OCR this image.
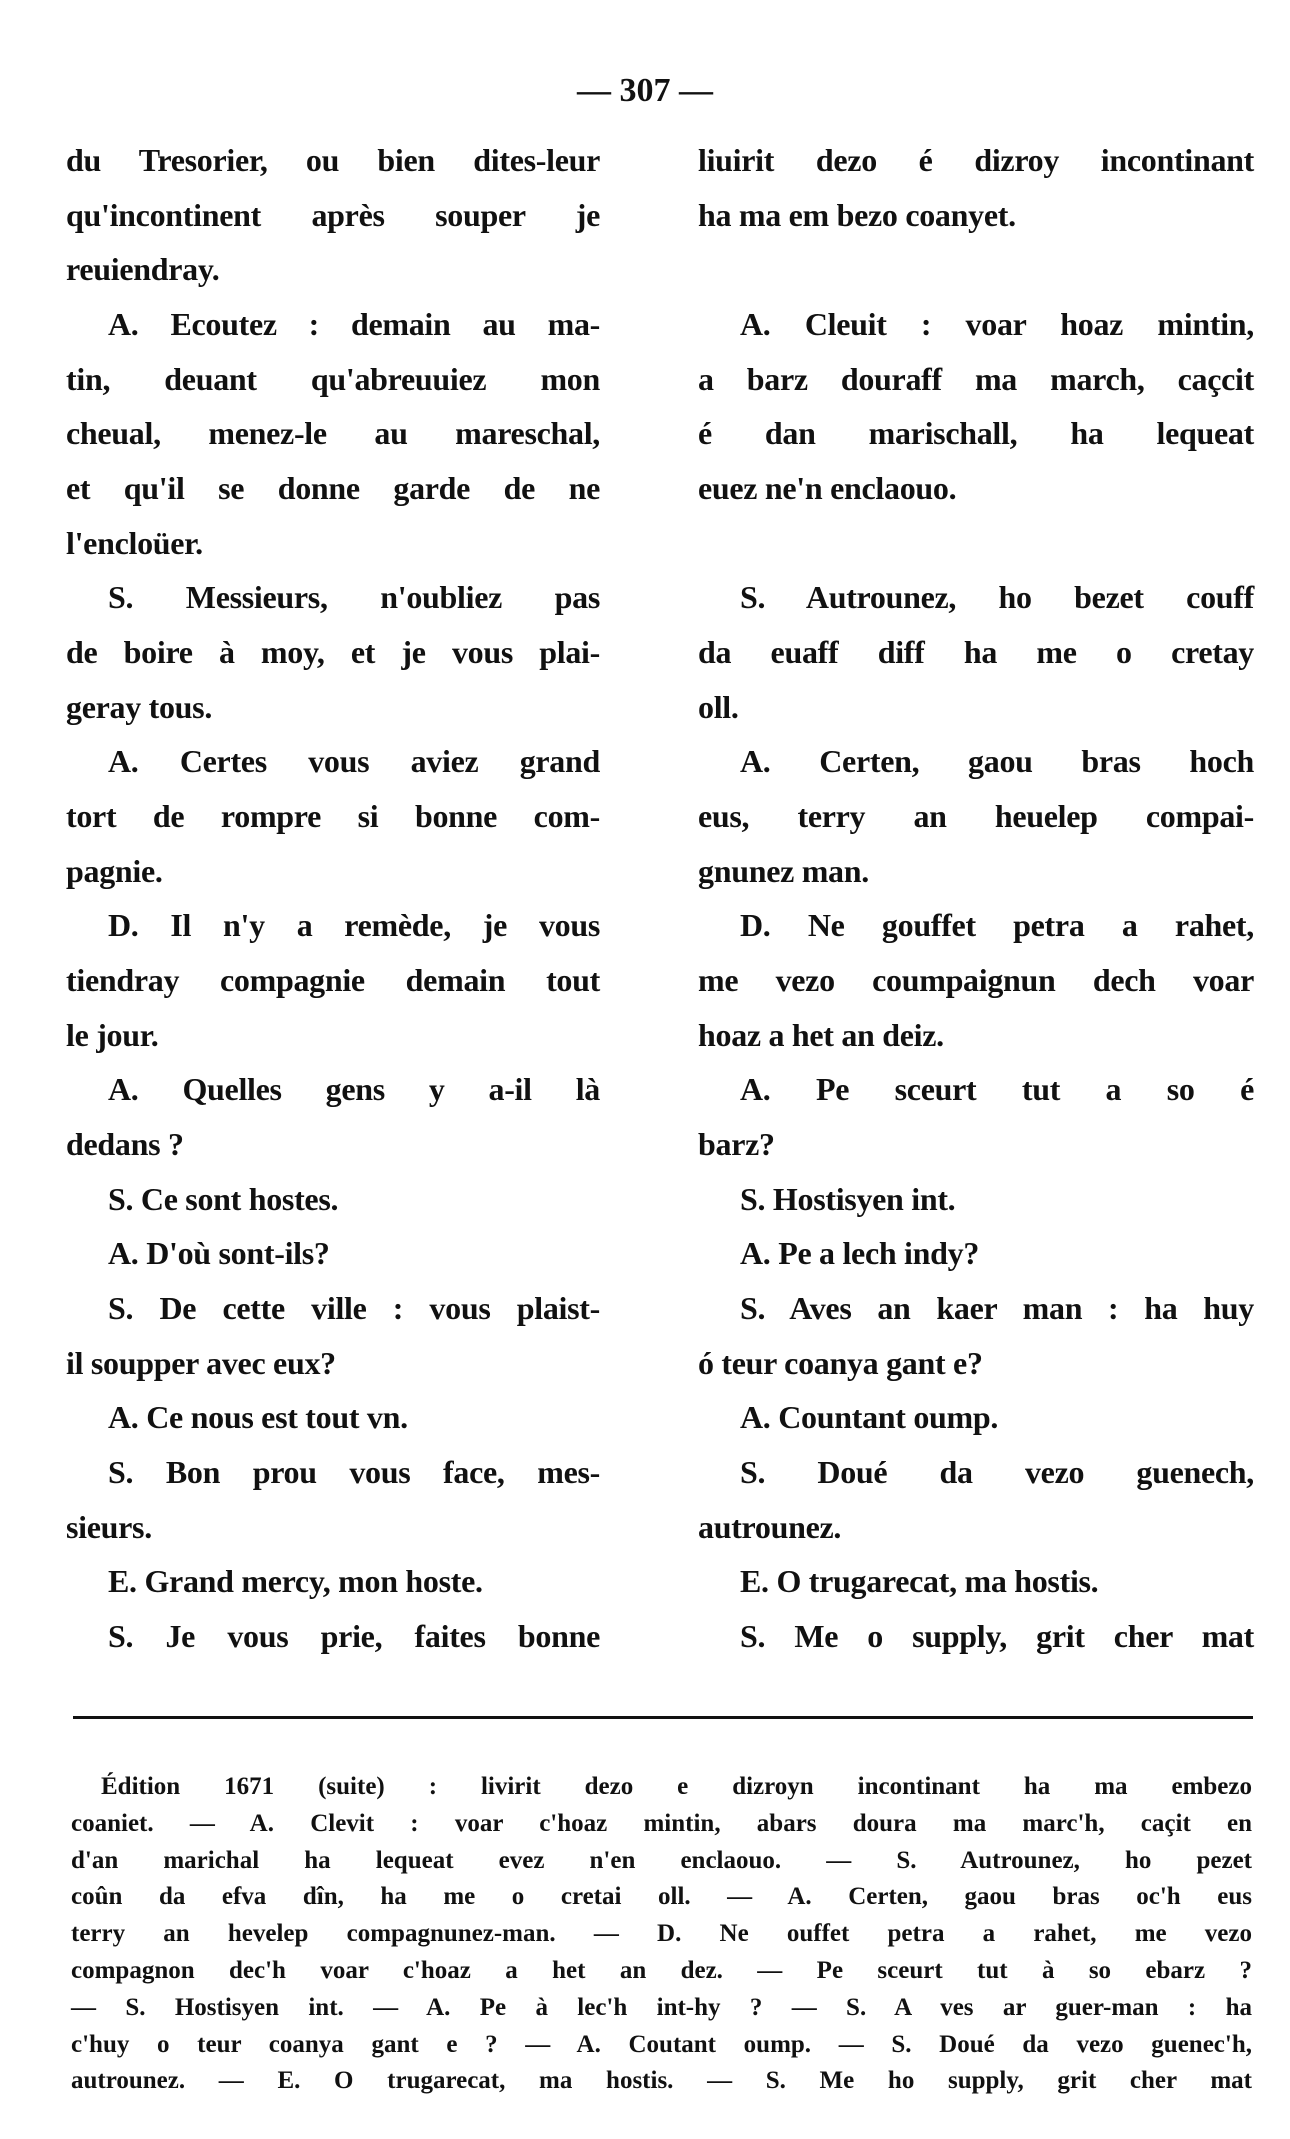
— 307 —
du Tresorier, ou bien dites-leur
qu'incontinent après souper je
reuiendray.
A. Ecoutez : demain au ma-
tin, deuant qu'abreuuiez mon
cheual, menez-le au mareschal,
et qu'il se donne garde de ne
l'encloüer.
S. Messieurs, n'oubliez pas
de boire à moy, et je vous plai-
geray tous.
A. Certes vous aviez grand
tort de rompre si bonne com-
pagnie.
D. Il n'y a remède, je vous
tiendray compagnie demain tout
le jour.
A. Quelles gens y a-il là
dedans ?
S. Ce sont hostes.
A. D'où sont-ils?
S. De cette ville : vous plaist-
il soupper avec eux?
A. Ce nous est tout vn.
S. Bon prou vous face, mes-
sieurs.
E. Grand mercy, mon hoste.
S. Je vous prie, faites bonne
liuirit dezo é dizroy incontinant
ha ma em bezo coanyet.
A. Cleuit : voar hoaz mintin,
a barz douraff ma march, caçcit
é dan marischall, ha lequeat
euez ne'n enclaouo.
S. Autrounez, ho bezet couff
da euaff diff ha me o cretay
oll.
A. Certen, gaou bras hoch
eus, terry an heuelep compai-
gnunez man.
D. Ne gouffet petra a rahet,
me vezo coumpaignun dech voar
hoaz a het an deiz.
A. Pe sceurt tut a so é
barz?
S. Hostisyen int.
A. Pe a lech indy?
S. Aves an kaer man : ha huy
ó teur coanya gant e?
A. Countant oump.
S. Doué da vezo guenech,
autrounez.
E. O trugarecat, ma hostis.
S. Me o supply, grit cher mat
Édition 1671 (suite) : livirit dezo e dizroyn incontinant ha ma embezo
coaniet. — A. Clevit : voar c'hoaz mintin, abars doura ma marc'h, caçit en
d'an marichal ha lequeat evez n'en enclaouo. — S. Autrounez, ho pezet
coûn da efva dîn, ha me o cretai oll. — A. Certen, gaou bras oc'h eus
terry an hevelep compagnunez-man. — D. Ne ouffet petra a rahet, me vezo
compagnon dec'h voar c'hoaz a het an dez. — Pe sceurt tut à so ebarz ?
— S. Hostisyen int. — A. Pe à lec'h int-hy ? — S. A ves ar guer-man : ha
c'huy o teur coanya gant e ? — A. Coutant oump. — S. Doué da vezo guenec'h,
autrounez. — E. O trugarecat, ma hostis. — S. Me ho supply, grit cher mat
